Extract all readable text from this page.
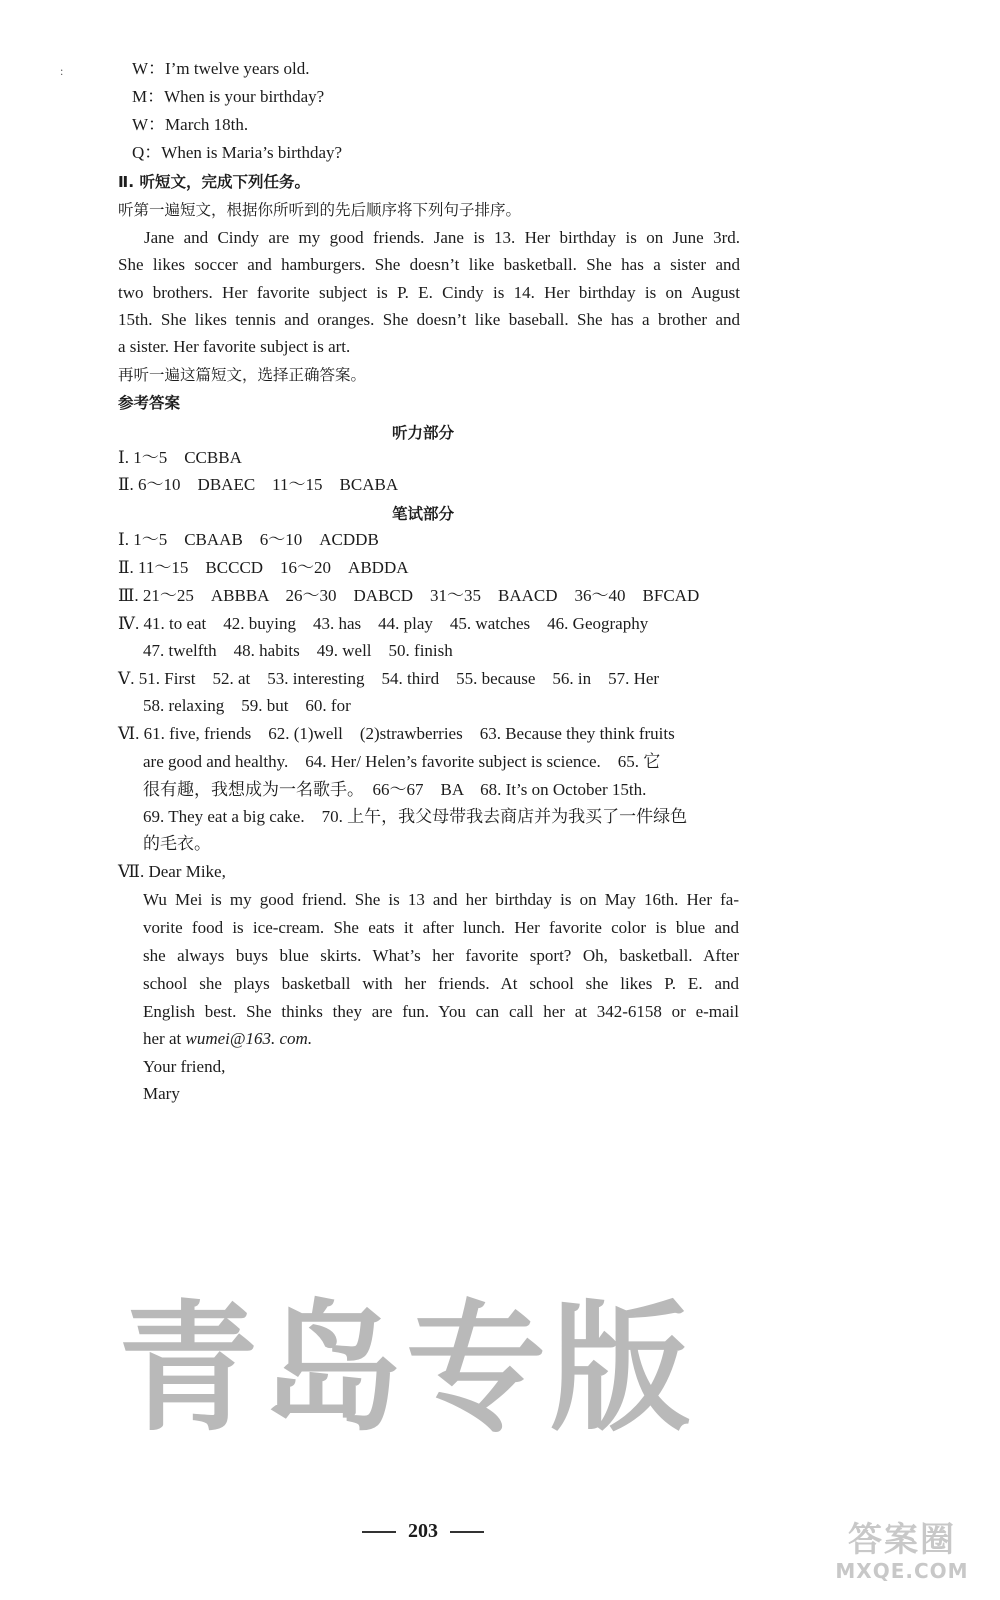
:	W：I’m twelve years old.
M：When is your birthday?
W：March 18th.
Q：When is Maria’s birthday?
Ⅱ. 听短文，完成下列任务。
听第一遍短文，根据你所听到的先后顺序将下列句子排序。
Jane and Cindy are my good friends. Jane is 13. Her birthday is on June 3rd.
She likes soccer and hamburgers. She doesn’t like basketball. She has a sister and
two brothers. Her favorite subject is P. E. Cindy is 14. Her birthday is on August
15th. She likes tennis and oranges. She doesn’t like baseball. She has a brother and
a sister. Her favorite subject is art.
再听一遍这篇短文，选择正确答案。
参考答案
听力部分
Ⅰ. 1～5　CCBBA
Ⅱ. 6～10　DBAEC　11～15　BCABA
笔试部分
Ⅰ. 1～5　CBAAB　6～10　ACDDB
Ⅱ. 11～15　BCCCD　16～20　ABDDA
Ⅲ. 21～25　ABBBA　26～30　DABCD　31～35　BAACD　36～40　BFCAD
Ⅳ. 41. to eat　42. buying　43. has　44. play　45. watches　46. Geography
47. twelfth　48. habits　49. well　50. finish
Ⅴ. 51. First　52. at　53. interesting　54. third　55. because　56. in　57. Her
58. relaxing　59. but　60. for
Ⅵ. 61. five, friends　62. (1)well　(2)strawberries　63. Because they think fruits
are good and healthy.　64. Her/ Helen’s favorite subject is science.　65. 它
很有趣，我想成为一名歌手。　66～67　BA　68. It’s on October 15th.
69. They eat a big cake.　70. 上午，我父母带我去商店并为我买了一件绿色
的毛衣。
Ⅶ. Dear Mike,
Wu Mei is my good friend. She is 13 and her birthday is on May 16th. Her fa-
vorite food is ice-cream. She eats it after lunch. Her favorite color is blue and
she always buys blue skirts. What’s her favorite sport? Oh, basketball. After
school she plays basketball with her friends. At school she likes P. E. and
English best. She thinks they are fun. You can call her at 342-6158 or e-mail
her at wumei@163. com.
Your friend,
Mary
青岛专版
203	答案圈
MXQE.COM
